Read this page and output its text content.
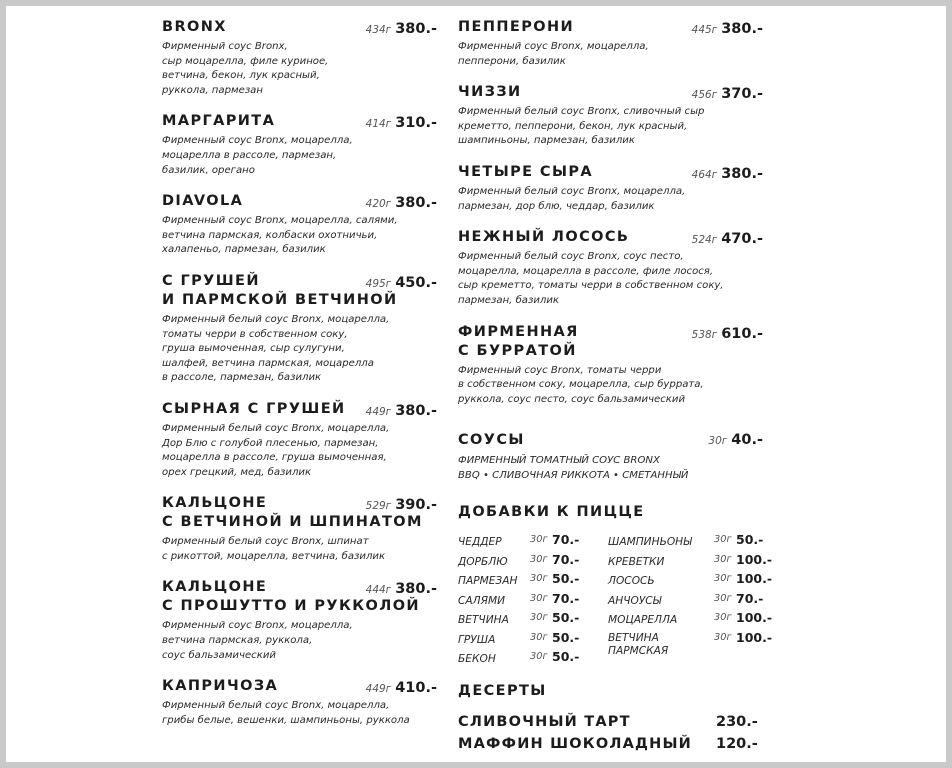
BRONX	434г 380.-
Фирменный соус Bronx,
сыр моцарелла, филе куриное,
ветчина, бекон, лук красный,
руккола, пармезан
МАРГАРИТА	414г 310.-
Фирменный соус Bronx, моцарелла,
моцарелла в рассоле, пармезан,
базилик, орегано
DIAVOLA	420г 380.-
Фирменный соус Bronx, моцарелла, салями,
ветчина пармская, колбаски охотничьи,
халапеньо, пармезан, базилик
С ГРУШЕЙ
И ПАРМСКОЙ ВЕТЧИНОЙ
495г 450.-
Фирменный белый соус Bronx, моцарелла,
томаты черри в собственном соку,
груша вымоченная, сыр сулугуни,
шалфей, ветчина пармская, моцарелла
в рассоле, пармезан, базилик
СЫРНАЯ С ГРУШЕЙ	449г 380.-
Фирменный белый соус Bronx, моцарелла,
Дор Блю с голубой плесенью, пармезан,
моцарелла в рассоле, груша вымоченная,
орех грецкий, мед, базилик
КАЛЬЦОНЕ
С ВЕТЧИНОЙ И ШПИНАТОМ
529г 390.-
Фирменный белый соус Bronx, шпинат
с рикоттой, моцарелла, ветчина, базилик
КАЛЬЦОНЕ
С ПРОШУТТО И РУККОЛОЙ
444г 380.-
Фирменный соус Bronx, моцарелла,
ветчина пармская, руккола,
соус бальзамический
КАПРИЧОЗА	449г 410.-
Фирменный белый соус Bronx, моцарелла,
грибы белые, вешенки, шампиньоны, руккола
ПЕППЕРОНИ	445г 380.-
Фирменный соус Bronx, моцарелла,
пепперони, базилик
ЧИЗЗИ	456г 370.-
Фирменный белый соус Bronx, сливочный сыр
креметто, пепперони, бекон, лук красный,
шампиньоны, пармезан, базилик
ЧЕТЫРЕ СЫРА	464г 380.-
Фирменный белый соус Bronx, моцарелла,
пармезан, дор блю, чеддар, базилик
НЕЖНЫЙ ЛОСОСЬ	524г 470.-
Фирменный белый соус Bronx, соус песто,
моцарелла, моцарелла в рассоле, филе лосося,
сыр креметто, томаты черри в собственном соку,
пармезан, базилик
ФИРМЕННАЯ
С БУРРАТОЙ
538г 610.-
Фирменный соус Bronx, томаты черри
в собственном соку, моцарелла, сыр буррата,
руккола, соус песто, соус бальзамический
СОУСЫ	30г 40.-
ФИРМЕННЫЙ ТОМАТНЫЙ СОУС BRONX
BBQ • СЛИВОЧНАЯ РИККОТА • СМЕТАННЫЙ
ДОБАВКИ К ПИЦЦЕ
ЧЕДДЕР	30г 70.-
ДОРБЛЮ 30г 70.-
ПАРМЕЗАН 30г 50.-
САЛЯМИ	30г 70.-
ВЕТЧИНА 30г 50.-
ГРУША	30г 50.-
БЕКОН	30г 50.-
ШАМПИНЬОНЫ 30г 50.-
КРЕВЕТКИ	30г 100.-
ЛОСОСЬ	30г 100.-
АНЧОУСЫ	30г 70.-
МОЦАРЕЛЛА	30г 100.-
ВЕТЧИНА
ПАРМСКАЯ
30г 100.-
ДЕСЕРТЫ
СЛИВОЧНЫЙ ТАРТ	230.-
МАФФИН ШОКОЛАДНЫЙ 120.-
